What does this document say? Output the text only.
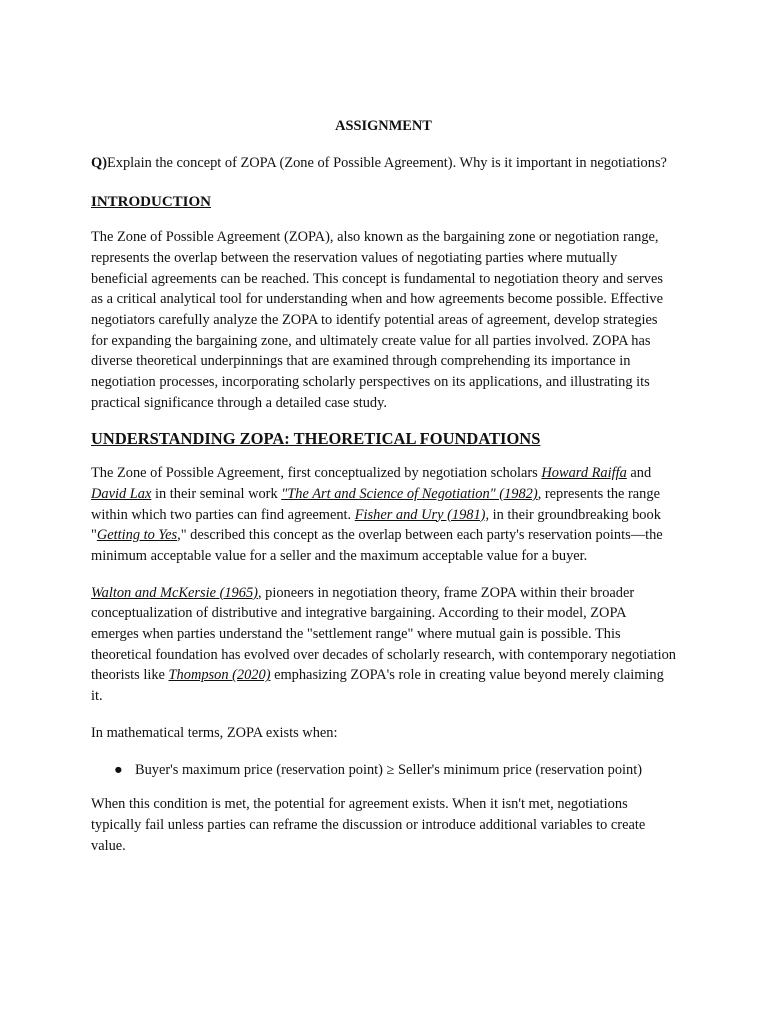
ASSIGNMENT

Q)Explain the concept of ZOPA (Zone of Possible Agreement). Why is it important in negotiations?

INTRODUCTION

The Zone of Possible Agreement (ZOPA), also known as the bargaining zone or negotiation range, represents the overlap between the reservation values of negotiating parties where mutually beneficial agreements can be reached. This concept is fundamental to negotiation theory and serves as a critical analytical tool for understanding when and how agreements become possible. Effective negotiators carefully analyze the ZOPA to identify potential areas of agreement, develop strategies for expanding the bargaining zone, and ultimately create value for all parties involved. ZOPA has diverse theoretical underpinnings that are examined through comprehending its importance in negotiation processes, incorporating scholarly perspectives on its applications, and illustrating its practical significance through a detailed case study.

UNDERSTANDING ZOPA: THEORETICAL FOUNDATIONS

The Zone of Possible Agreement, first conceptualized by negotiation scholars Howard Raiffa and David Lax in their seminal work "The Art and Science of Negotiation" (1982), represents the range within which two parties can find agreement. Fisher and Ury (1981), in their groundbreaking book "Getting to Yes," described this concept as the overlap between each party's reservation points—the minimum acceptable value for a seller and the maximum acceptable value for a buyer.

Walton and McKersie (1965), pioneers in negotiation theory, frame ZOPA within their broader conceptualization of distributive and integrative bargaining. According to their model, ZOPA emerges when parties understand the "settlement range" where mutual gain is possible. This theoretical foundation has evolved over decades of scholarly research, with contemporary negotiation theorists like Thompson (2020) emphasizing ZOPA's role in creating value beyond merely claiming it.

In mathematical terms, ZOPA exists when:

● Buyer's maximum price (reservation point) ≥ Seller's minimum price (reservation point)

When this condition is met, the potential for agreement exists. When it isn't met, negotiations typically fail unless parties can reframe the discussion or introduce additional variables to create value.
